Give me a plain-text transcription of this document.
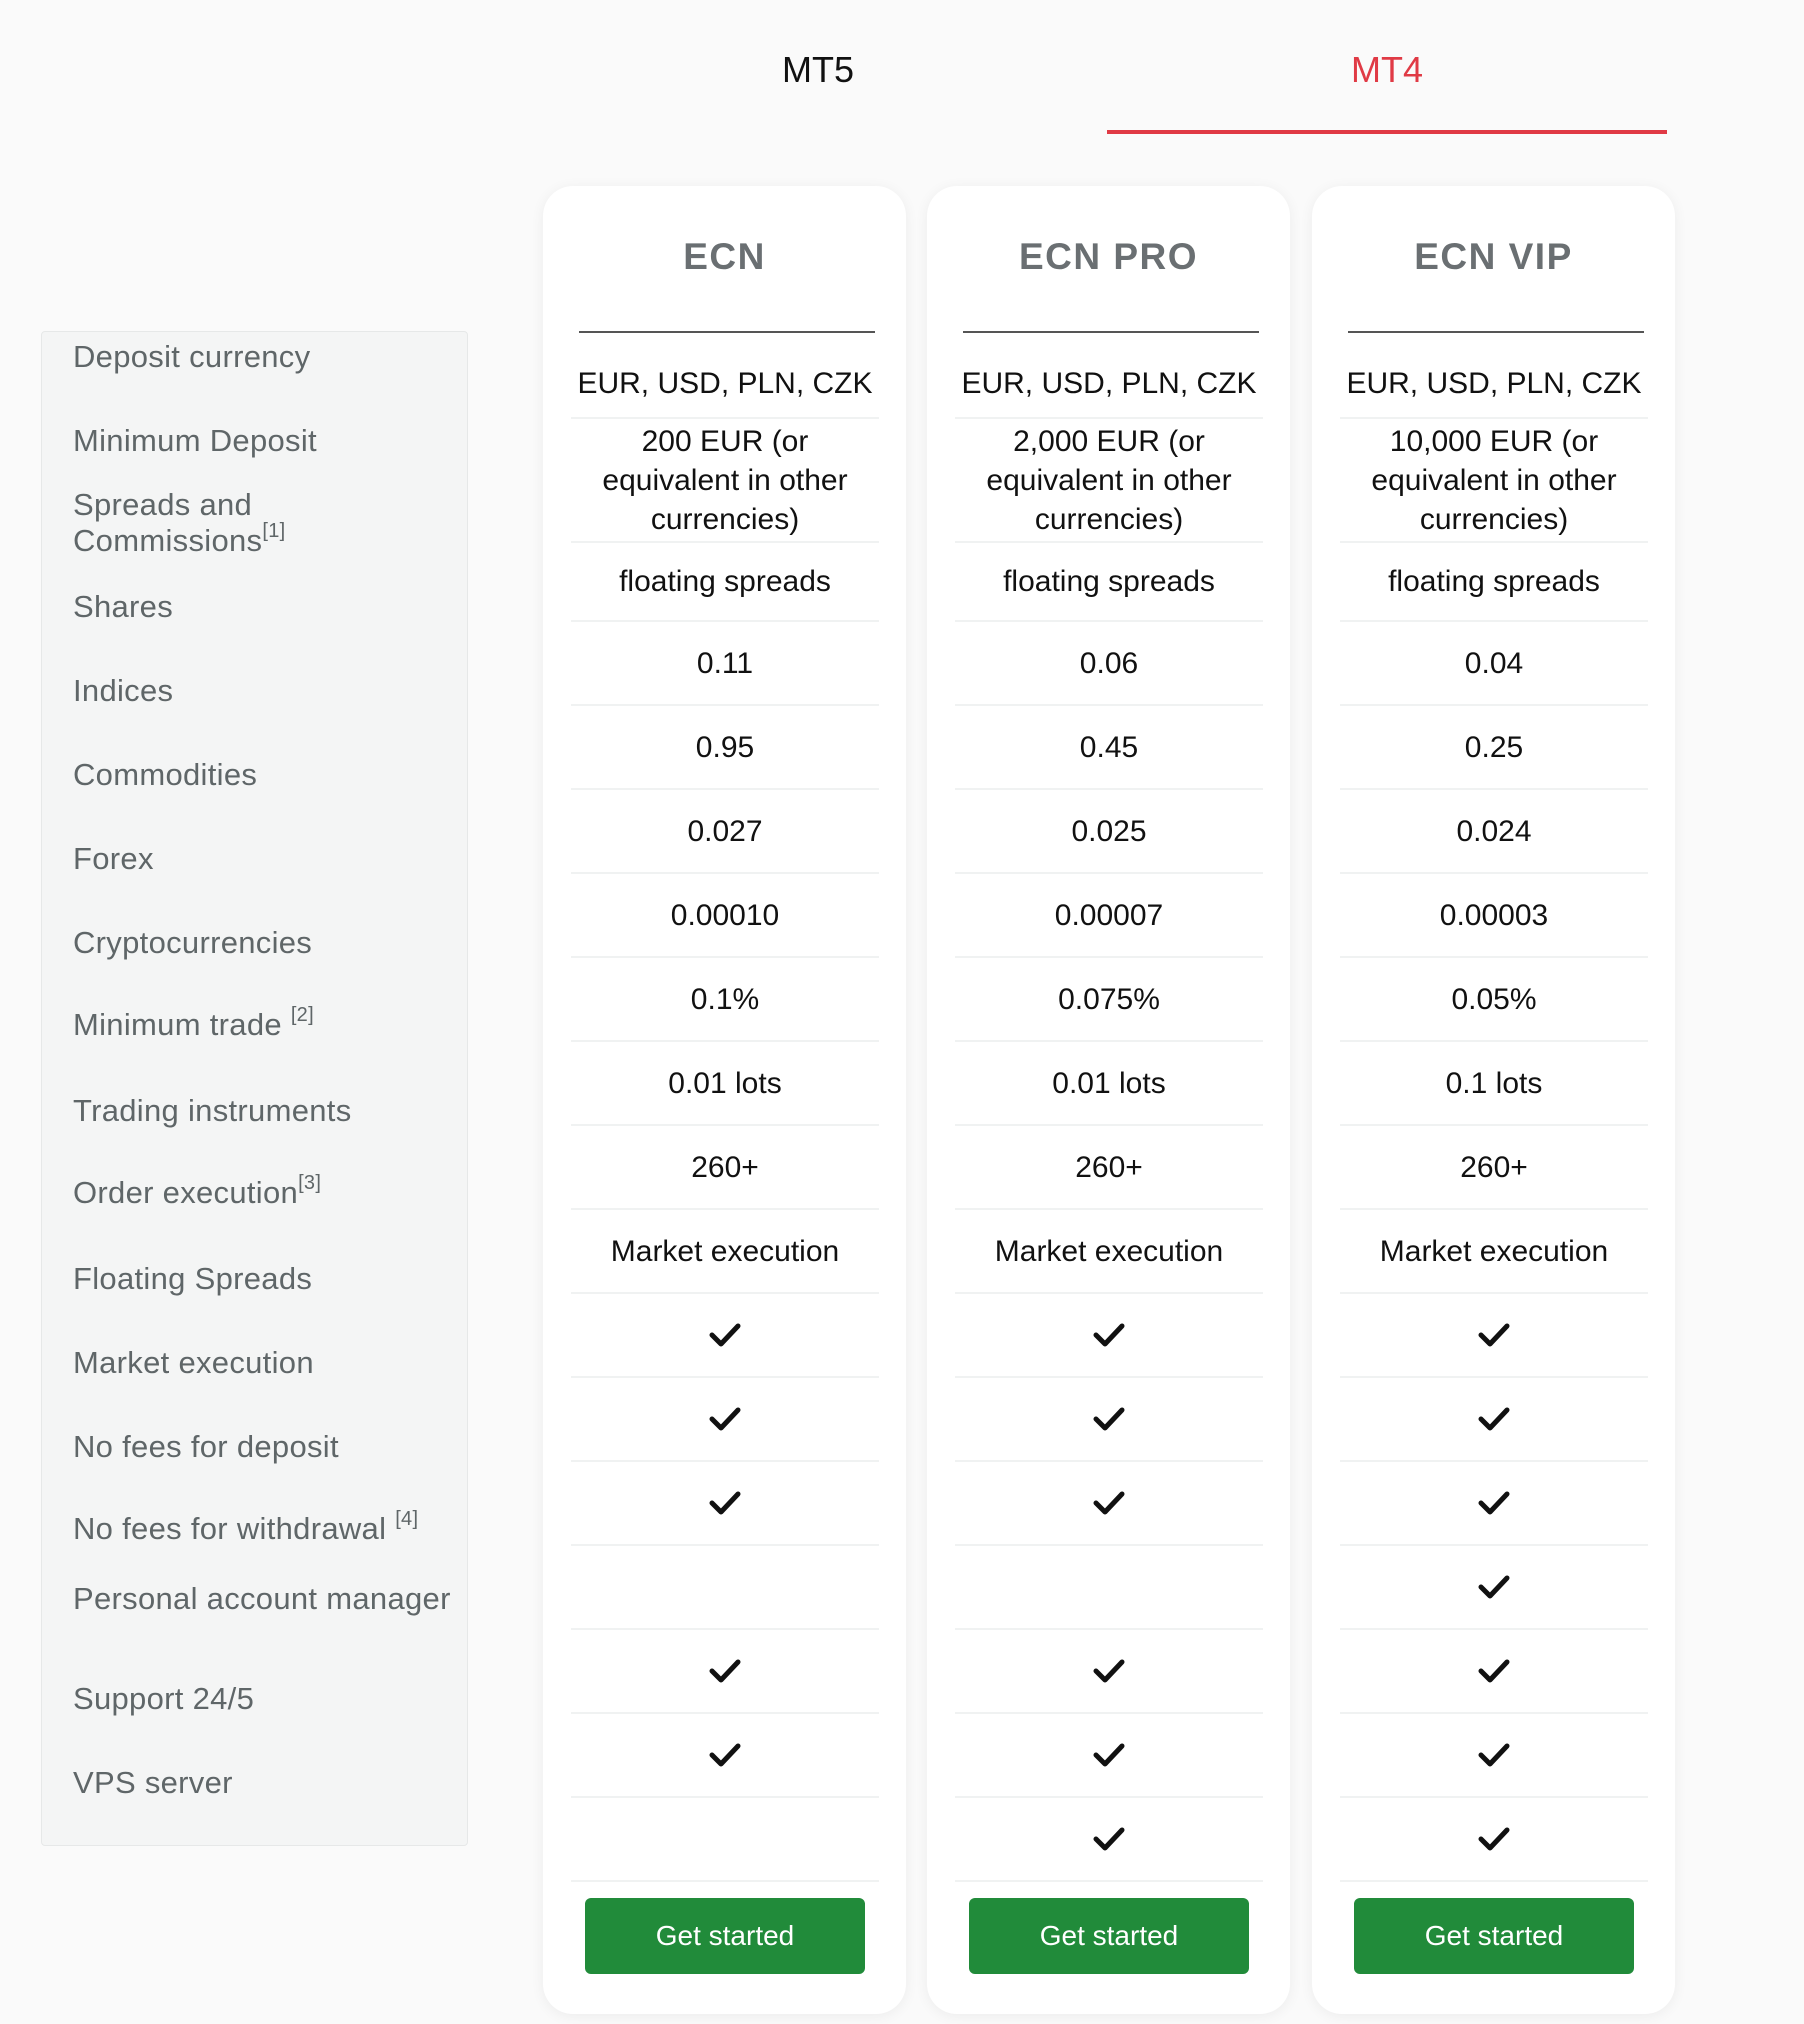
MT5	MT4
Deposit currency
Minimum Deposit
Spreads and Commissions[1]
Shares
Indices
Commodities
Forex
Cryptocurrencies
Minimum trade [2]
Trading instruments
Order execution[3]
Floating Spreads
Market execution
No fees for deposit
No fees for withdrawal [4]
Personal account manager
Support 24/5
VPS server
ECN
EUR, USD, PLN, CZK
200 EUR (or equivalent in other currencies)
floating spreads
0.11
0.95
0.027
0.00010
0.1%
0.01 lots
260+
Market execution
Get started
ECN PRO
EUR, USD, PLN, CZK
2,000 EUR (or equivalent in other currencies)
floating spreads
0.06
0.45
0.025
0.00007
0.075%
0.01 lots
260+
Market execution
Get started
ECN VIP
EUR, USD, PLN, CZK
10,000 EUR (or equivalent in other currencies)
floating spreads
0.04
0.25
0.024
0.00003
0.05%
0.1 lots
260+
Market execution
Get started
